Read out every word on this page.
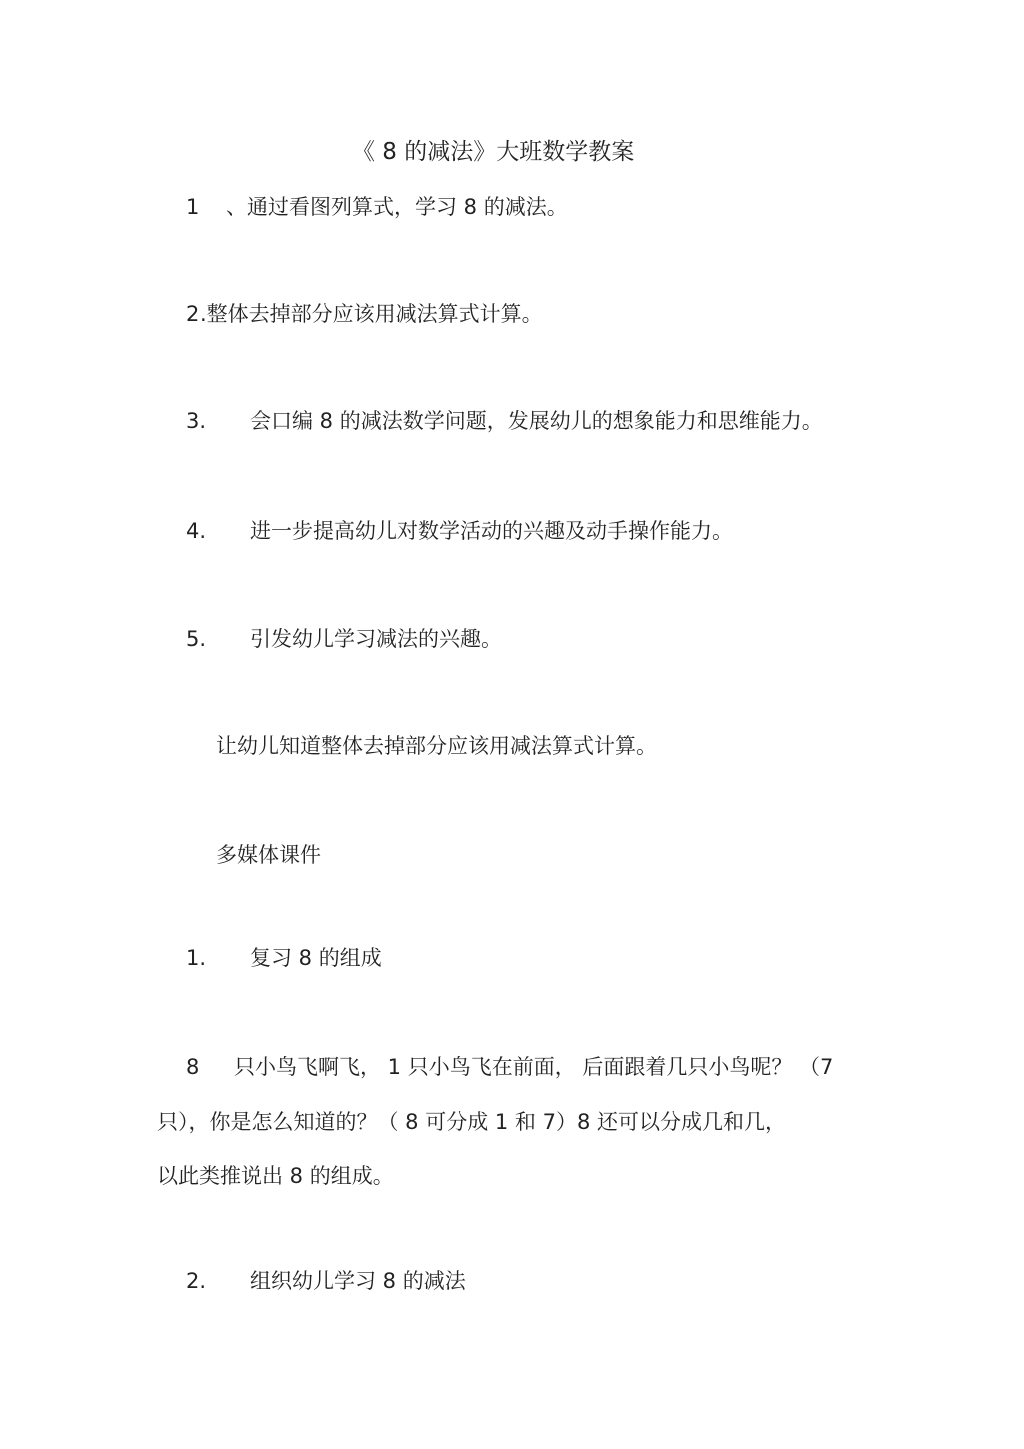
《 8 的减法》大班数学教案
1 、通过看图列算式，学习 8 的减法。
2 .整体去掉部分应该用减法算式计算。
3. 会口编 8 的减法数学问题，发展幼儿的想象能力和思维能力。
4. 进一步提高幼儿对数学活动的兴趣及动手操作能力。
5. 引发幼儿学习减法的兴趣。
让幼儿知道整体去掉部分应该用减法算式计算。
多媒体课件
1. 复习 8 的组成
8 只小鸟飞啊飞， 1 只小鸟飞在前面， 后面跟着几只小鸟呢？ （7
只），你是怎么知道的？（ 8 可分成 1 和 7）8 还可以分成几和几，
以此类推说出 8 的组成。
2. 组织幼儿学习 8 的减法
